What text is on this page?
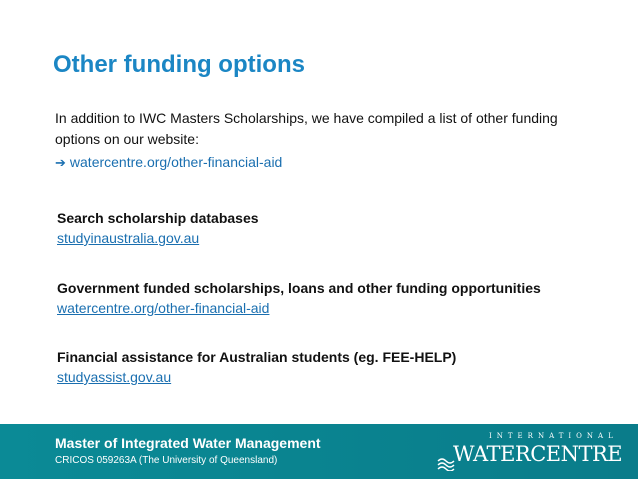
Other funding options
In addition to IWC Masters Scholarships, we have compiled a list of other funding options on our website:
➔ watercentre.org/other-financial-aid
Search scholarship databases
studyinaustralia.gov.au
Government funded scholarships, loans and other funding opportunities
watercentre.org/other-financial-aid
Financial assistance for Australian students (eg. FEE-HELP)
studyassist.gov.au
Master of Integrated Water Management
CRICOS 059263A (The University of Queensland)
INTERNATIONAL
WATERCENTRE
